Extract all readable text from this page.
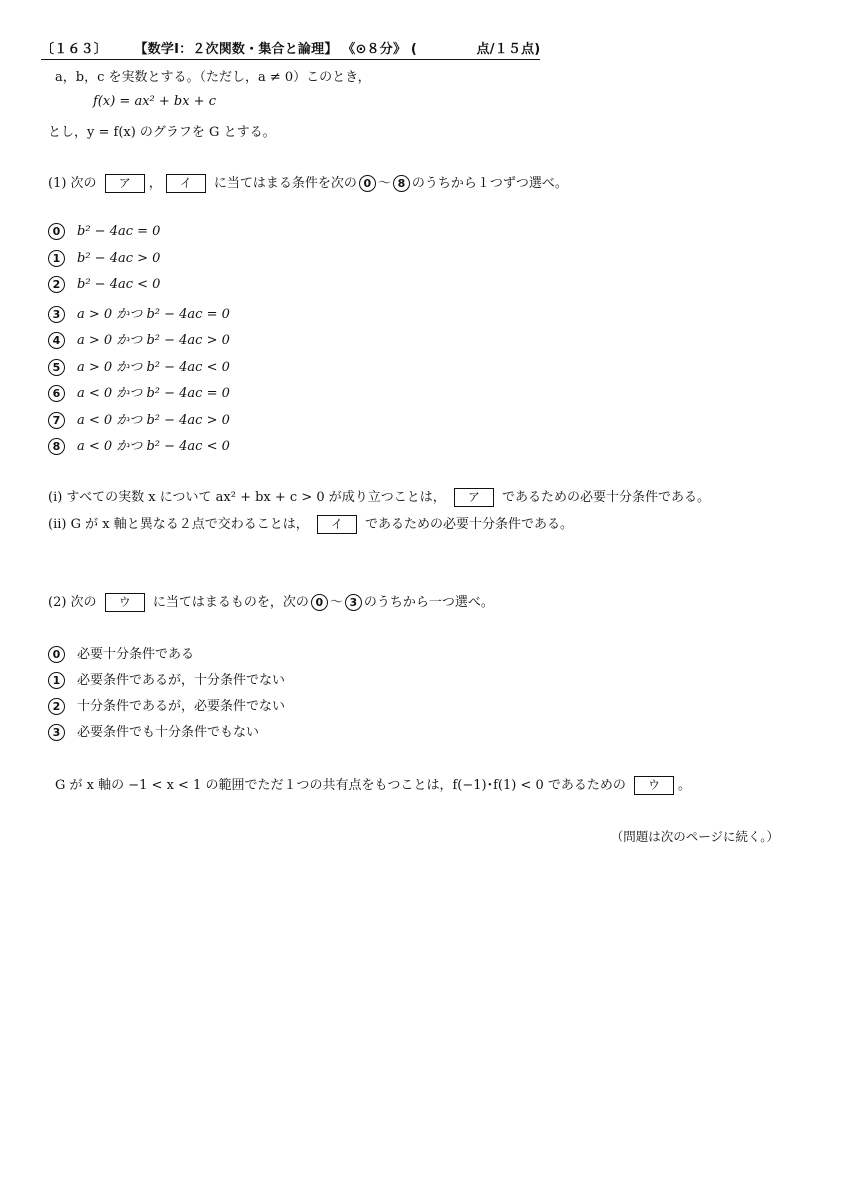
〔１６３〕 【数学Ⅰ：２次関数・集合と論理】 《⊙８分》 (	点/１５点)
a，b，c を実数とする。（ただし，a ≠ 0）このとき，
f(x) = ax² + bx + c
とし，y = f(x) のグラフを G とする。
(1) 次の ア ， イ に当てはまる条件を次の 0 〜 8 のうちから１つずつ選べ。
0 b² − 4ac = 0
1 b² − 4ac > 0
2 b² − 4ac < 0
3 a > 0 かつ b² − 4ac = 0
4 a > 0 かつ b² − 4ac > 0
5 a > 0 かつ b² − 4ac < 0
6 a < 0 かつ b² − 4ac = 0
7 a < 0 かつ b² − 4ac > 0
8 a < 0 かつ b² − 4ac < 0
(i) すべての実数 x について ax² + bx + c > 0 が成り立つことは， ア であるための必要十分条件である。
(ii) G が x 軸と異なる２点で交わることは， イ であるための必要十分条件である。
(2) 次の ウ に当てはまるものを，次の 0 〜 3 のうちから一つ選べ。
0 必要十分条件である
1 必要条件であるが，十分条件でない
2 十分条件であるが，必要条件でない
3 必要条件でも十分条件でもない
G が x 軸の −1 < x < 1 の範囲でただ１つの共有点をもつことは，f(−1)･f(1) < 0 であるための ウ 。
（問題は次のページに続く。）
